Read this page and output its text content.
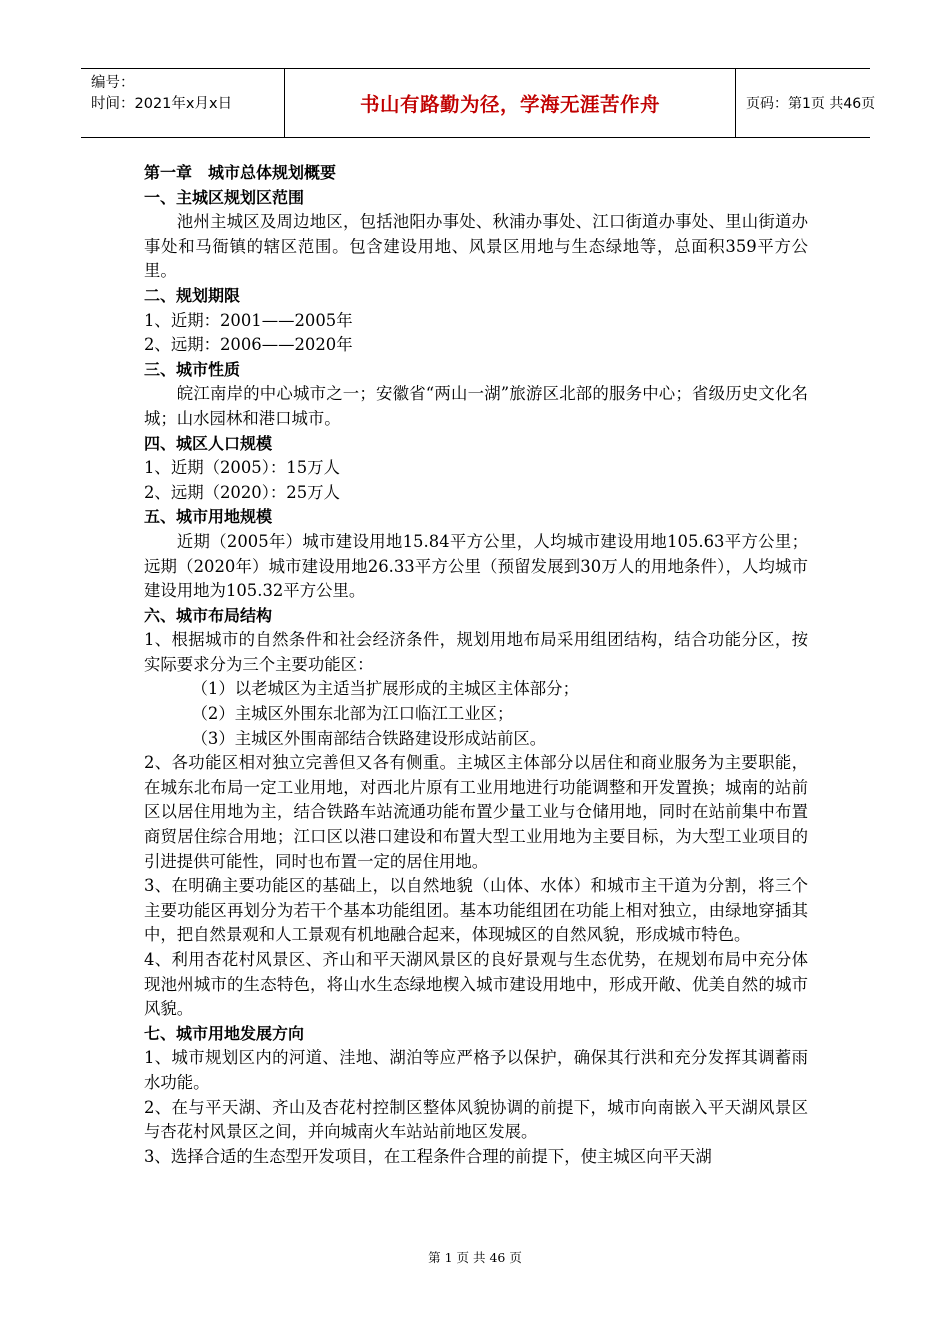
编号：
时间：2021年x月x日	书山有路勤为径，学海无涯苦作舟	页码：第1页 共46页

第一章　城市总体规划概要

一、主城区规划区范围

池州主城区及周边地区，包括池阳办事处、秋浦办事处、江口街道办事处、里山街道办事处和马衙镇的辖区范围。包含建设用地、风景区用地与生态绿地等，总面积359平方公里。

二、规划期限

1、近期：2001——2005年

2、远期：2006——2020年

三、城市性质

皖江南岸的中心城市之一；安徽省“两山一湖”旅游区北部的服务中心；省级历史文化名城；山水园林和港口城市。

四、城区人口规模

1、近期（2005）：15万人

2、远期（2020）：25万人

五、城市用地规模

近期（2005年）城市建设用地15.84平方公里，人均城市建设用地105.63平方公里；远期（2020年）城市建设用地26.33平方公里（预留发展到30万人的用地条件），人均城市建设用地为105.32平方公里。

六、城市布局结构

1、根据城市的自然条件和社会经济条件，规划用地布局采用组团结构，结合功能分区，按实际要求分为三个主要功能区：

（1）以老城区为主适当扩展形成的主城区主体部分；

（2）主城区外围东北部为江口临江工业区；

（3）主城区外围南部结合铁路建设形成站前区。

2、各功能区相对独立完善但又各有侧重。主城区主体部分以居住和商业服务为主要职能，在城东北布局一定工业用地，对西北片原有工业用地进行功能调整和开发置换；城南的站前区以居住用地为主，结合铁路车站流通功能布置少量工业与仓储用地，同时在站前集中布置商贸居住综合用地；江口区以港口建设和布置大型工业用地为主要目标，为大型工业项目的引进提供可能性，同时也布置一定的居住用地。

3、在明确主要功能区的基础上，以自然地貌（山体、水体）和城市主干道为分割，将三个主要功能区再划分为若干个基本功能组团。基本功能组团在功能上相对独立，由绿地穿插其中，把自然景观和人工景观有机地融合起来，体现城区的自然风貌，形成城市特色。

4、利用杏花村风景区、齐山和平天湖风景区的良好景观与生态优势，在规划布局中充分体现池州城市的生态特色，将山水生态绿地楔入城市建设用地中，形成开敞、优美自然的城市风貌。

七、城市用地发展方向

1、城市规划区内的河道、洼地、湖泊等应严格予以保护，确保其行洪和充分发挥其调蓄雨水功能。

2、在与平天湖、齐山及杏花村控制区整体风貌协调的前提下，城市向南嵌入平天湖风景区与杏花村风景区之间，并向城南火车站站前地区发展。

3、选择合适的生态型开发项目，在工程条件合理的前提下，使主城区向平天湖

第 1 页 共 46 页
